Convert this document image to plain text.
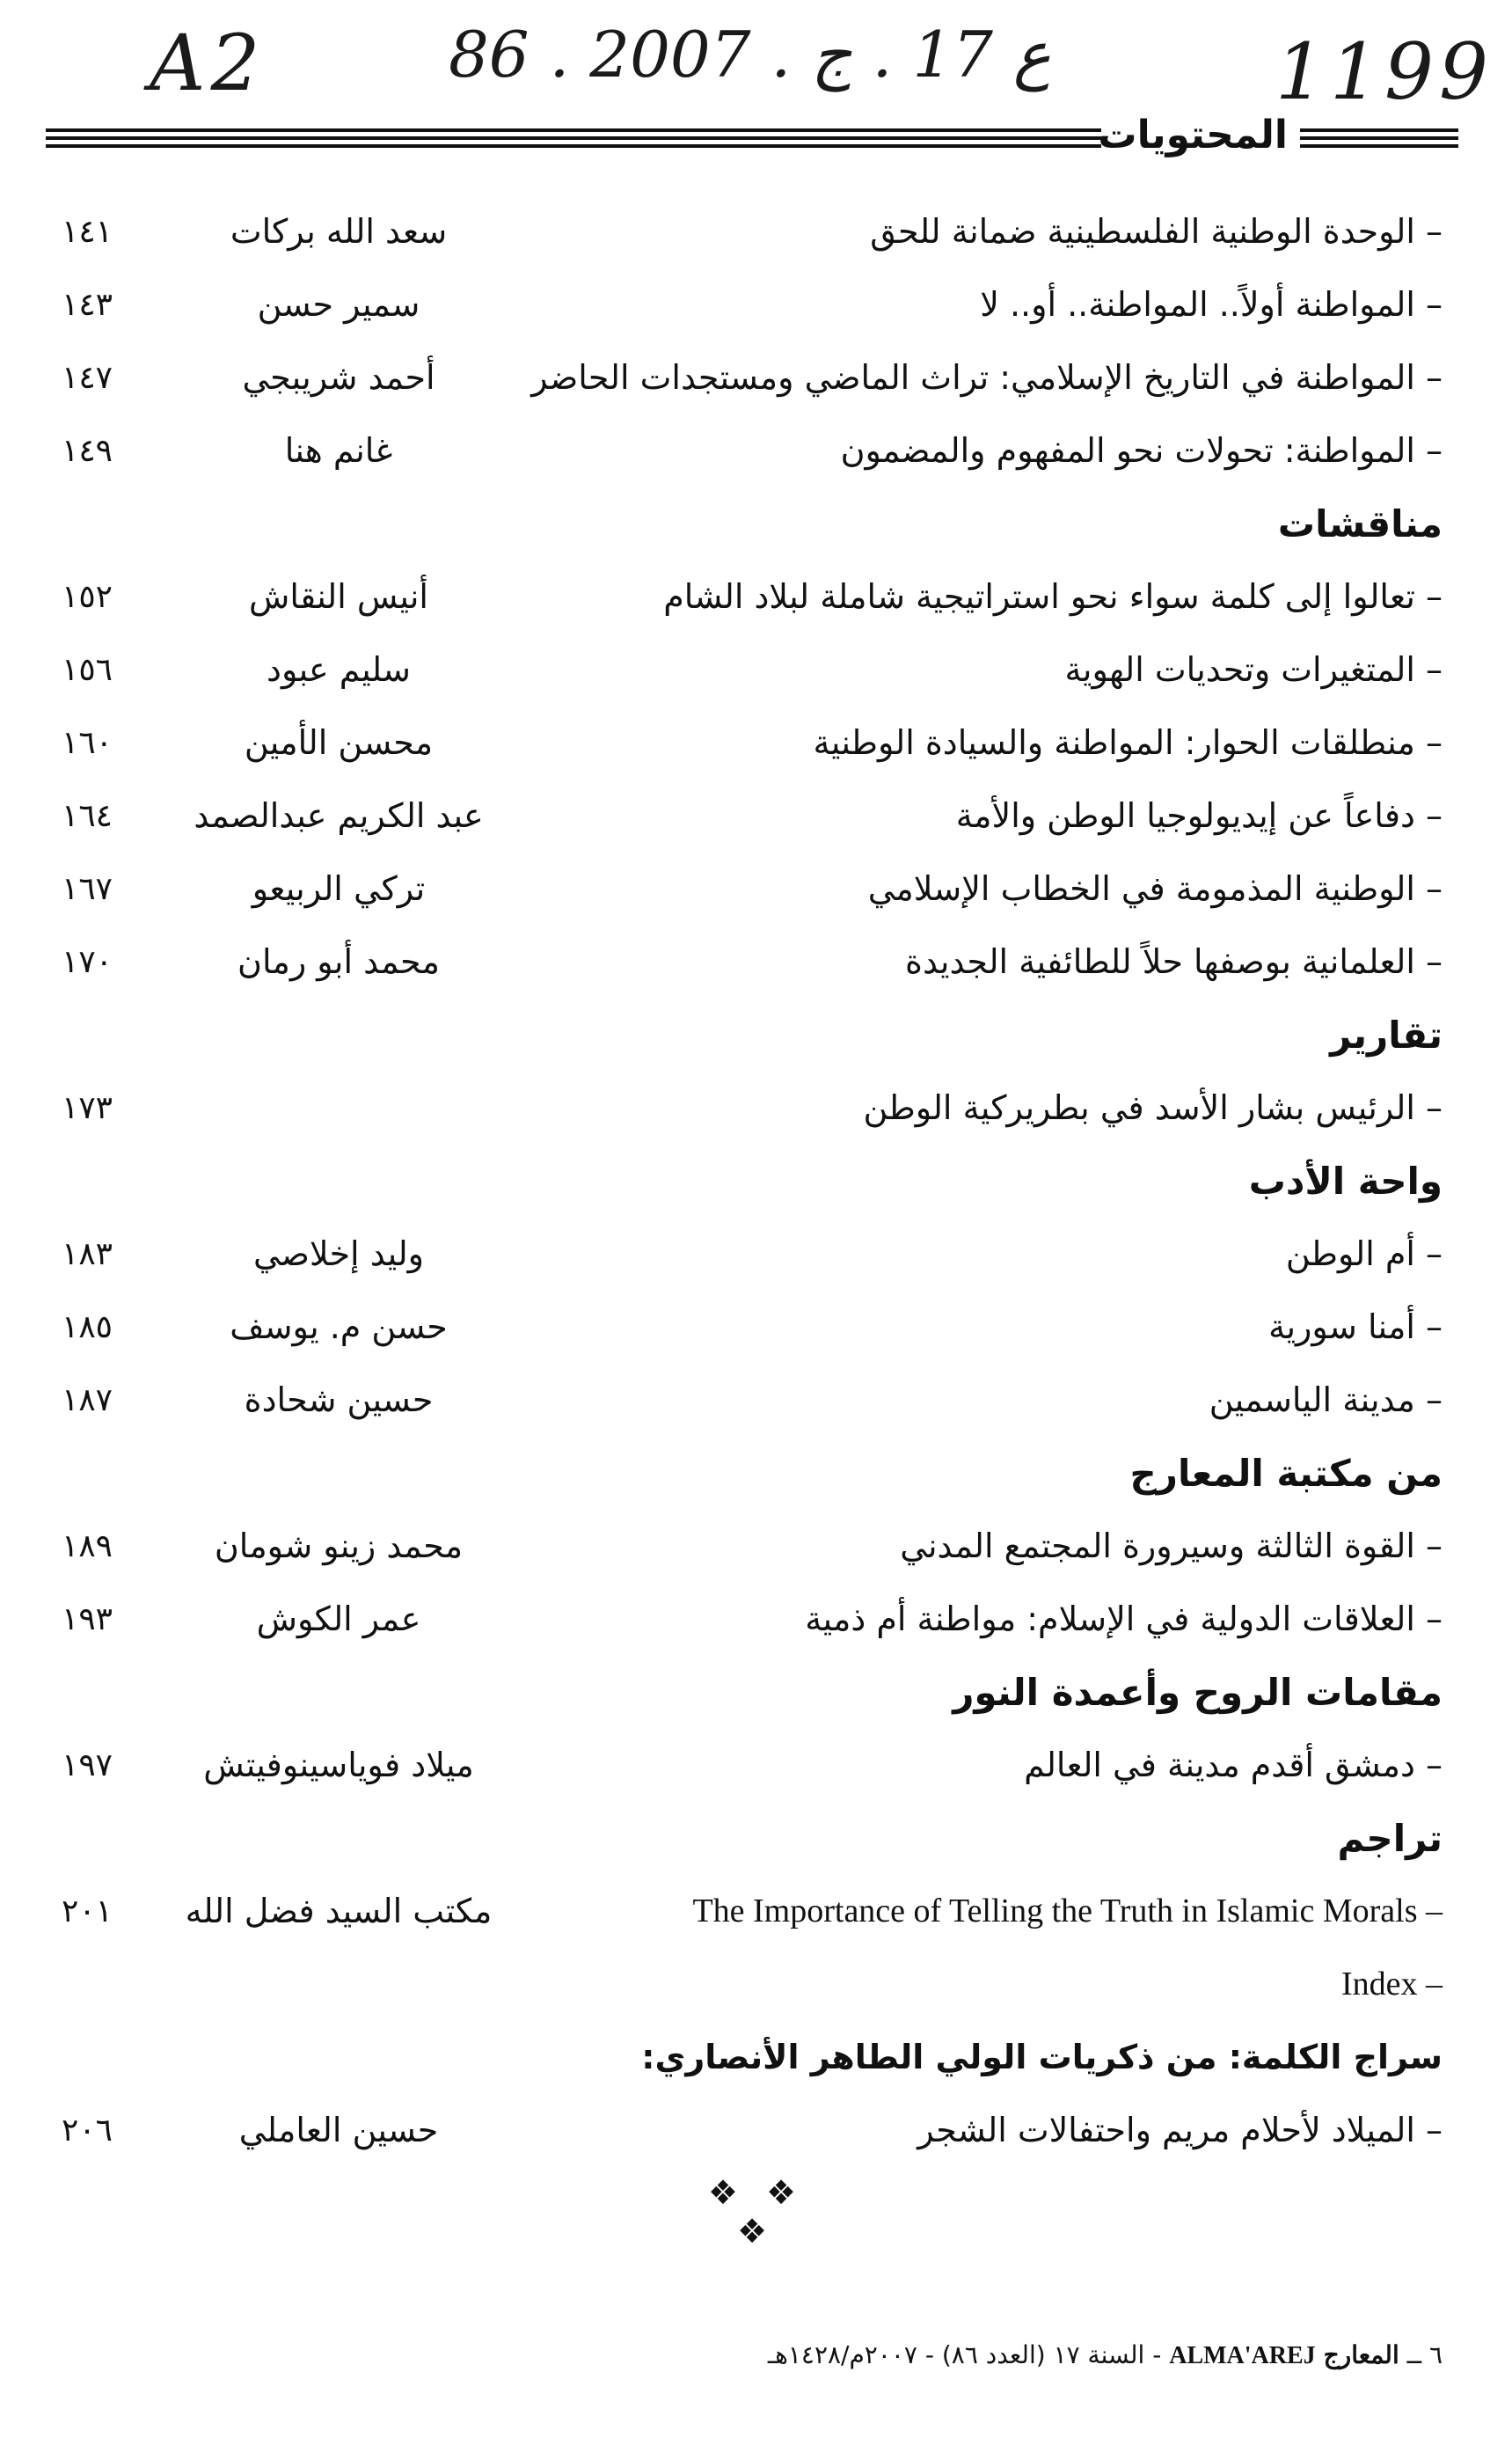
A2

	86 . ع 17 . ج . 2007

	1199

المحتويات
١٤١	سعد الله بركات	– الوحدة الوطنية الفلسطينية ضمانة للحق
١٤٣	سمير حسن	– المواطنة أولاً.. المواطنة.. أو.. لا
١٤٧	أحمد شريبجي	– المواطنة في التاريخ الإسلامي: تراث الماضي ومستجدات الحاضر
١٤٩	غانم هنا	– المواطنة: تحولات نحو المفهوم والمضمون
مناقشات
١٥٢	أنيس النقاش	– تعالوا إلى كلمة سواء نحو استراتيجية شاملة لبلاد الشام
١٥٦	سليم عبود	– المتغيرات وتحديات الهوية
١٦٠	محسن الأمين	– منطلقات الحوار: المواطنة والسيادة الوطنية
١٦٤	عبد الكريم عبدالصمد	– دفاعاً عن إيديولوجيا الوطن والأمة
١٦٧	تركي الربيعو	– الوطنية المذمومة في الخطاب الإسلامي
١٧٠	محمد أبو رمان	– العلمانية بوصفها حلاً للطائفية الجديدة
تقارير
١٧٣	– الرئيس بشار الأسد في بطريركية الوطن
واحة الأدب
١٨٣	وليد إخلاصي	– أم الوطن
١٨٥	حسن م. يوسف	– أمنا سورية
١٨٧	حسين شحادة	– مدينة الياسمين
من مكتبة المعارج
١٨٩	محمد زينو شومان	– القوة الثالثة وسيرورة المجتمع المدني
١٩٣	عمر الكوش	– العلاقات الدولية في الإسلام: مواطنة أم ذمية
مقامات الروح وأعمدة النور
١٩٧	ميلاد فوياسينوفيتش	– دمشق أقدم مدينة في العالم
تراجم
٢٠١	مكتب السيد فضل الله	The Importance of Telling the Truth in Islamic Morals –
Index –
سراج الكلمة: من ذكريات الولي الطاهر الأنصاري:
٢٠٦	حسين العاملي	– الميلاد لأحلام مريم واحتفالات الشجر
❖ ❖ ❖
٦ ــ المعارج ALMA'AREJ - السنة ١٧ (العدد ٨٦) - ٢٠٠٧م/١٤٢٨هـ
